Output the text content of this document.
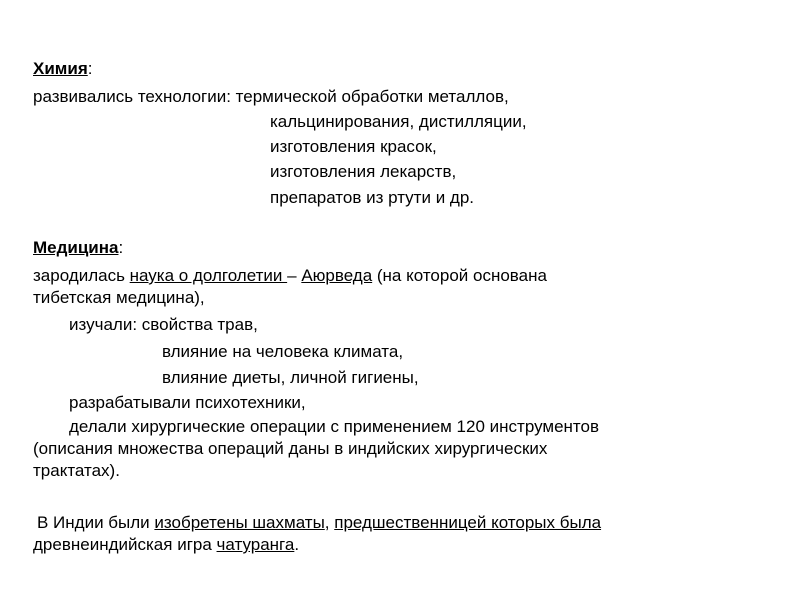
Химия:
развивались технологии: термической обработки металлов,
кальцинирования, дистилляции,
изготовления красок,
изготовления лекарств,
препаратов из ртути и др.
Медицина:
зародилась наука о долголетии – Аюрведа (на которой основана
тибетская медицина),
изучали: свойства трав,
влияние на человека климата,
влияние диеты, личной гигиены,
разрабатывали психотехники,
делали хирургические операции с применением 120 инструментов
(описания множества операций даны в индийских хирургических
трактатах).
В Индии были изобретены шахматы, предшественницей которых была
древнеиндийская игра чатуранга.
